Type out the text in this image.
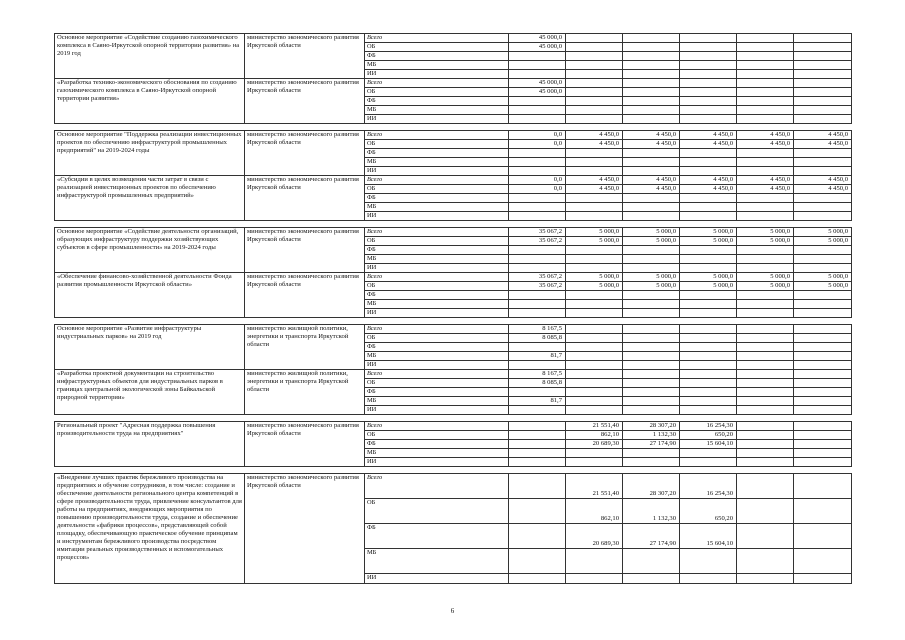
Основное мероприятие «Содействие созданию газохимического комплекса в Саяно-Иркутской опорной территории развития» на 2019 год	министерство экономического развития Иркутской области	Всего	45 000,0					
		ОБ	45 000,0					
		ФБ						
		МБ						
		ИИ						
«Разработка технико-экономического обоснования по созданию газохимического комплекса в Саяно-Иркутской опорной территории развития»	министерство экономического развития Иркутской области	Всего	45 000,0					
		ОБ	45 000,0					
		ФБ						
		МБ						
		ИИ						

Основное мероприятие "Поддержка реализации инвестиционных проектов по обеспечению инфраструктурой промышленных предприятий" на 2019-2024 годы	министерство экономического развития Иркутской области	Всего	0,0	4 450,0	4 450,0	4 450,0	4 450,0	4 450,0
		ОБ	0,0	4 450,0	4 450,0	4 450,0	4 450,0	4 450,0
		ФБ						
		МБ						
		ИИ						
«Субсидии в целях возмещения части затрат в связи с реализацией инвестиционных проектов по обеспечению инфраструктурой промышленных предприятий»	министерство экономического развития Иркутской области	Всего	0,0	4 450,0	4 450,0	4 450,0	4 450,0	4 450,0
		ОБ	0,0	4 450,0	4 450,0	4 450,0	4 450,0	4 450,0
		ФБ						
		МБ						
		ИИ						

Основное мероприятие «Содействие деятельности организаций, образующих инфраструктуру поддержки хозяйствующих субъектов в сфере промышленности» на 2019-2024 годы	министерство экономического развития Иркутской области	Всего	35 067,2	5 000,0	5 000,0	5 000,0	5 000,0	5 000,0
		ОБ	35 067,2	5 000,0	5 000,0	5 000,0	5 000,0	5 000,0
		ФБ						
		МБ						
		ИИ						
«Обеспечение финансово-хозяйственной деятельности Фонда развития промышленности Иркутской области»	министерство экономического развития Иркутской области	Всего	35 067,2	5 000,0	5 000,0	5 000,0	5 000,0	5 000,0
		ОБ	35 067,2	5 000,0	5 000,0	5 000,0	5 000,0	5 000,0
		ФБ						
		МБ						
		ИИ						

Основное мероприятие «Развитие инфраструктуры индустриальных парков» на 2019 год	министерство жилищной политики, энергетики и транспорта Иркутской области	Всего	8 167,5					
		ОБ	8 085,8					
		ФБ						
		МБ	81,7					
		ИИ						
«Разработка проектной документации на строительство инфраструктурных объектов для индустриальных парков в границах центральной экологической зоны Байкальской природной территории»	министерство жилищной политики, энергетики и транспорта Иркутской области	Всего	8 167,5					
		ОБ	8 085,8					
		ФБ						
		МБ	81,7					
		ИИ						

Региональный проект "Адресная поддержка повышения производительности труда на предприятиях"	министерство экономического развития Иркутской области	Всего		21 551,40	28 307,20	16 254,30		
		ОБ		862,10	1 132,30	650,20		
		ФБ		20 689,30	27 174,90	15 604,10		
		МБ						
		ИИ						

«Внедрение лучших практик бережливого производства на предприятиях и обучение сотрудников, в том числе: создание и обеспечение деятельности регионального центра компетенций в сфере производительности труда, привлечение консультантов для работы на предприятиях, внедряющих мероприятия по повышению производительности труда, создание и обеспечение деятельности «фабрики процессов», представляющей собой площадку, обеспечивающую практическое обучение принципам и инструментам бережливого производства посредством имитации реальных производственных и вспомогательных процессов»	министерство экономического развития Иркутской области	Всего		21 551,40	28 307,20	16 254,30		
		ОБ		862,10	1 132,30	650,20		
		ФБ		20 689,30	27 174,90	15 604,10		
		МБ						
		ИИ						
6
